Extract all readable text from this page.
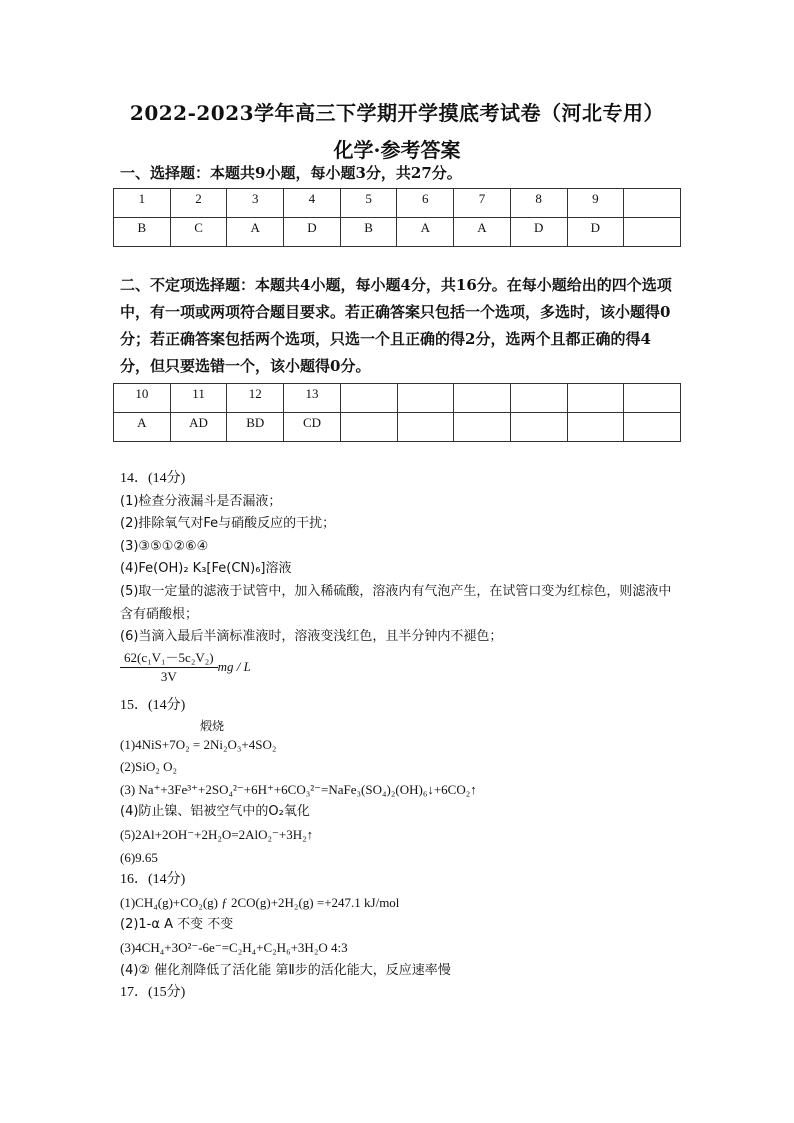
2022-2023学年高三下学期开学摸底考试卷（河北专用）
化学·参考答案
一、选择题：本题共9小题，每小题3分，共27分。
1	2	3	4	5	6	7	8	9	
B	C	A	D	B	A	A	D	D	
二、不定项选择题：本题共4小题，每小题4分，共16分。在每小题给出的四个选项中，有一项或两项符合题目要求。若正确答案只包括一个选项，多选时，该小题得0分；若正确答案包括两个选项，只选一个且正确的得2分，选两个且都正确的得4分，但只要选错一个，该小题得0分。
10	11	12	13						
A	AD	BD	CD						
14．(14分)
(1)检查分液漏斗是否漏液；
(2)排除氧气对Fe与硝酸反应的干扰；
(3)③⑤①②⑥④
(4)Fe(OH)₂ K₃[Fe(CN)₆]溶液
(5)取一定量的滤液于试管中，加入稀硫酸，溶液内有气泡产生，在试管口变为红棕色，则滤液中含有硝酸根；
(6)当滴入最后半滴标准液时，溶液变浅红色，且半分钟内不褪色；
$\frac{\text{62(c₁V₁－5c₂V₂)}}{3V}$ mg / L
15．(14分)
煅烧
(1)4NiS+7O₂ = 2Ni₂O₃+4SO₂
(2)SiO₂ O₂
(3) Na⁺+3Fe³⁺+2SO₄²⁻+6H⁺+6CO₃²⁻=NaFe₃(SO₄)₂(OH)₆↓+6CO₂↑
(4)防止镍、铝被空气中的O₂氧化
(5)2Al+2OH⁻+2H₂O=2AlO₂⁻+3H₂↑
(6)9.65
16．(14分)
(1)CH₄(g)+CO₂(g) ƒ 2CO(g)+2H₂(g) =+247.1 kJ/mol
(2)1-α A 不变 不变
(3)4CH₄+3O²⁻-6e⁻=C₂H₄+C₂H₆+3H₂O 4:3
(4)② 催化剂降低了活化能 第Ⅱ步的活化能大，反应速率慢
17．(15分)
